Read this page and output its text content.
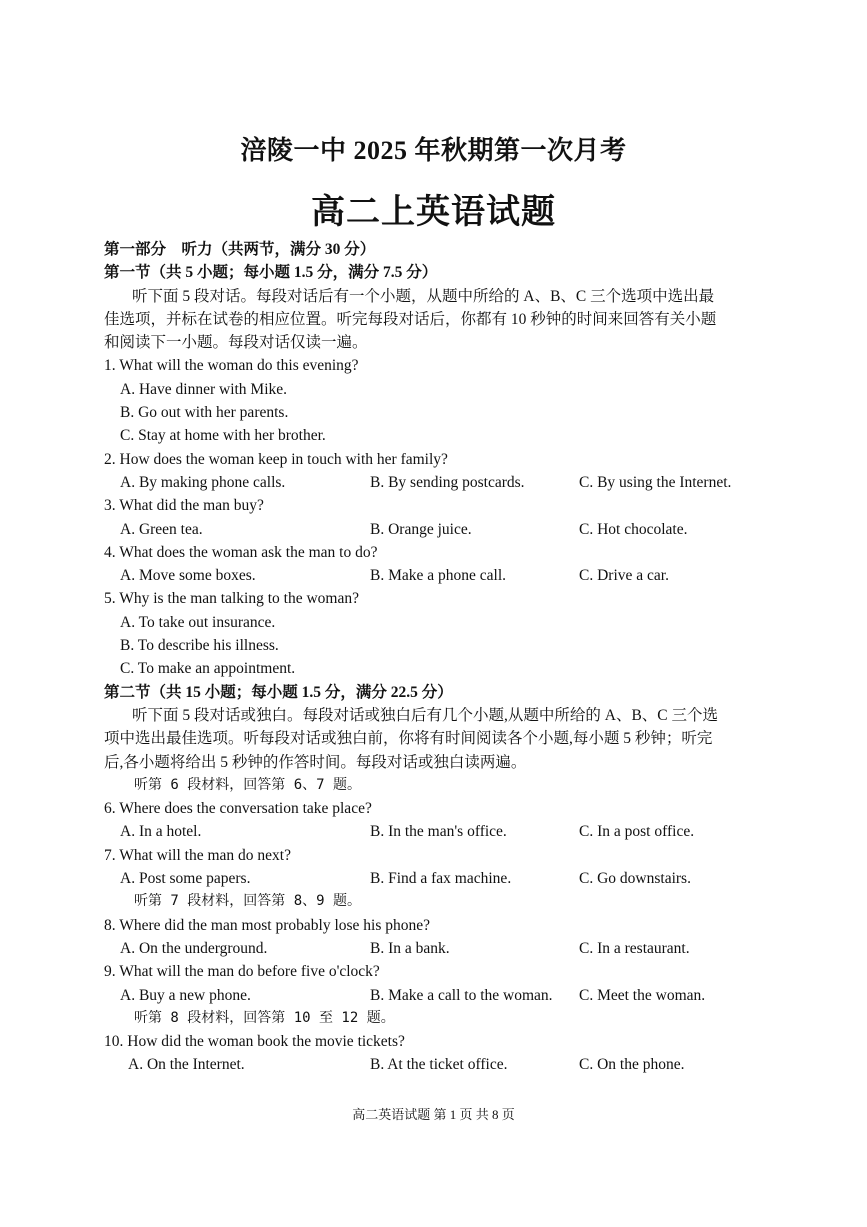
涪陵一中 2025 年秋期第一次月考
高二上英语试题
第一部分　听力（共两节，满分 30 分）
第一节（共 5 小题；每小题 1.5 分，满分 7.5 分）
听下面 5 段对话。每段对话后有一个小题，从题中所给的 A、B、C 三个选项中选出最
佳选项，并标在试卷的相应位置。听完每段对话后，你都有 10 秒钟的时间来回答有关小题
和阅读下一小题。每段对话仅读一遍。
1. What will the woman do this evening?
A. Have dinner with Mike.
B. Go out with her parents.
C. Stay at home with her brother.
2. How does the woman keep in touch with her family?
A. By making phone calls.	B. By sending postcards.	C. By using the Internet.
3. What did the man buy?
A. Green tea.	B. Orange juice.	C. Hot chocolate.
4. What does the woman ask the man to do?
A. Move some boxes.	B. Make a phone call.	C. Drive a car.
5. Why is the man talking to the woman?
A. To take out insurance.
B. To describe his illness.
C. To make an appointment.
第二节（共 15 小题；每小题 1.5 分，满分 22.5 分）
听下面 5 段对话或独白。每段对话或独白后有几个小题,从题中所给的 A、B、C 三个选
项中选出最佳选项。听每段对话或独白前，你将有时间阅读各个小题,每小题 5 秒钟；听完
后,各小题将给出 5 秒钟的作答时间。每段对话或独白读两遍。
听第 6 段材料，回答第 6、7 题。
6. Where does the conversation take place?
A. In a hotel.	B. In the man's office.	C. In a post office.
7. What will the man do next?
A. Post some papers.	B. Find a fax machine.	C. Go downstairs.
听第 7 段材料，回答第 8、9 题。
8. Where did the man most probably lose his phone?
A. On the underground.	B. In a bank.	C. In a restaurant.
9. What will the man do before five o'clock?
A. Buy a new phone.	B. Make a call to the woman. C. Meet the woman.
听第 8 段材料，回答第 10 至 12 题。
10. How did the woman book the movie tickets?
A. On the Internet.	B. At the ticket office.	C. On the phone.
高二英语试题 第 1 页 共 8 页
